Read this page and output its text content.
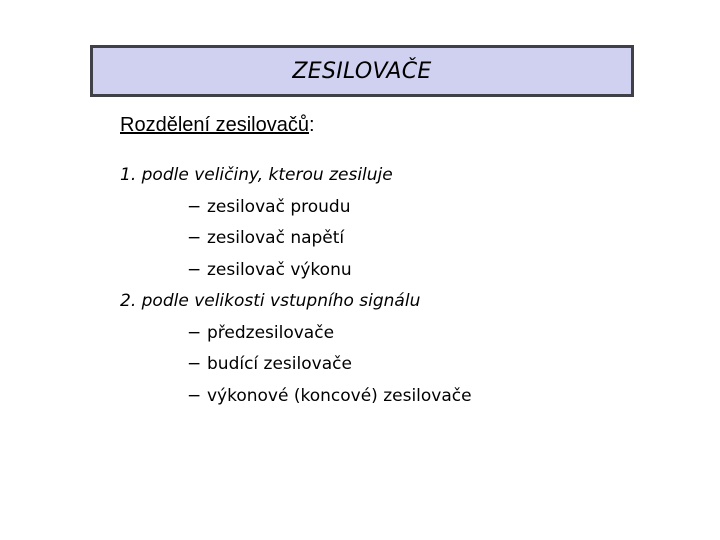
ZESILOVAČE
Rozdělení zesilovačů:
1. podle veličiny, kterou zesiluje
− zesilovač proudu
− zesilovač napětí
− zesilovač výkonu
2. podle velikosti vstupního signálu
− předzesilovače
− budící zesilovače
− výkonové (koncové) zesilovače
